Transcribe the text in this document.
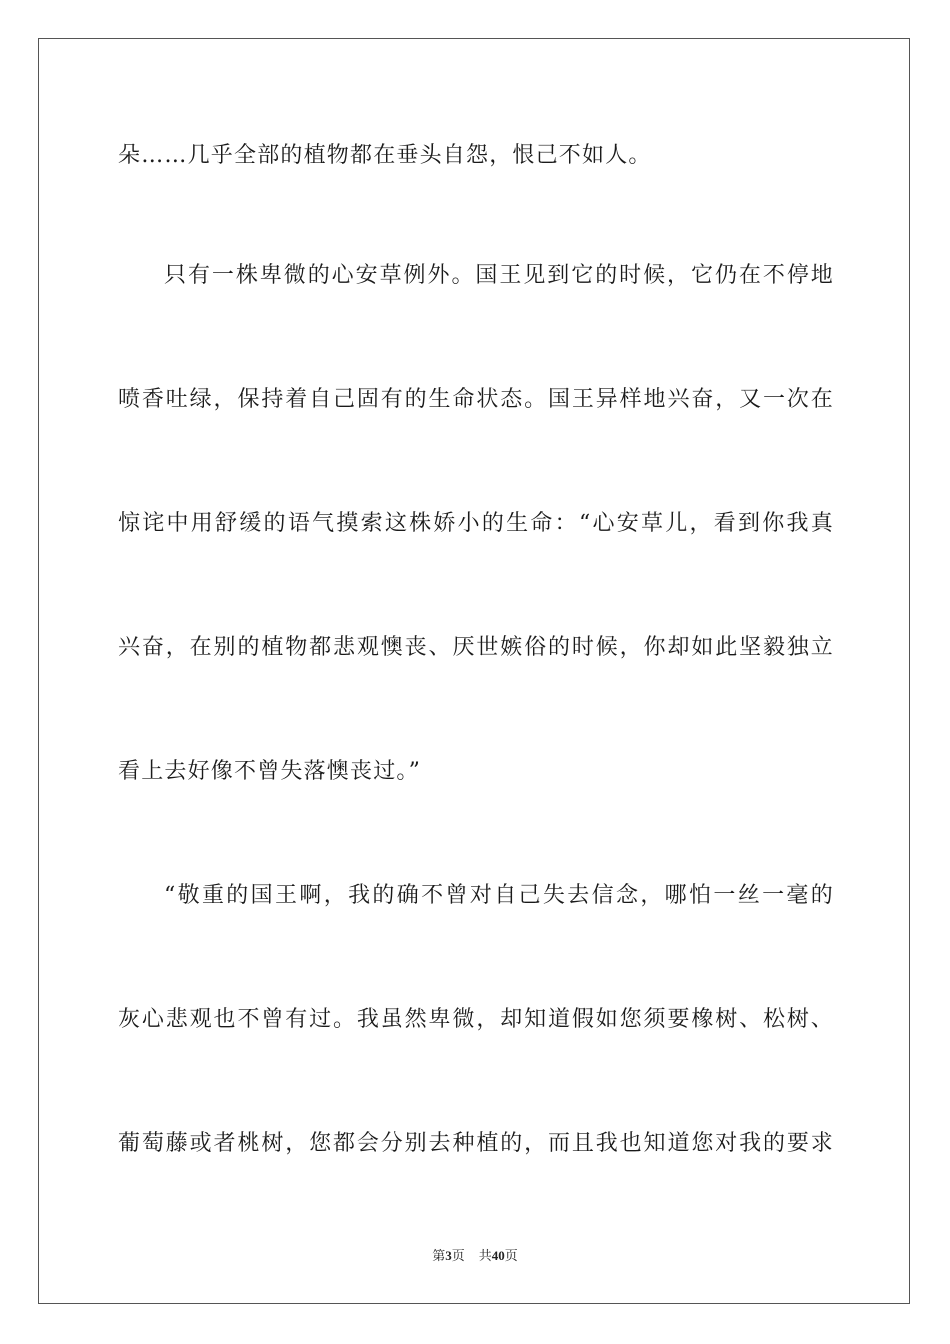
朵……几乎全部的植物都在垂头自怨，恨己不如人。
只有一株卑微的心安草例外。国王见到它的时候，它仍在不停地
喷香吐绿，保持着自己固有的生命状态。国王异样地兴奋，又一次在
惊诧中用舒缓的语气摸索这株娇小的生命：“心安草儿，看到你我真
兴奋，在别的植物都悲观懊丧、厌世嫉俗的时候，你却如此坚毅独立
看上去好像不曾失落懊丧过。”
“敬重的国王啊，我的确不曾对自己失去信念，哪怕一丝一毫的
灰心悲观也不曾有过。我虽然卑微，却知道假如您须要橡树、松树、
葡萄藤或者桃树，您都会分别去种植的，而且我也知道您对我的要求
第3页 共40页
